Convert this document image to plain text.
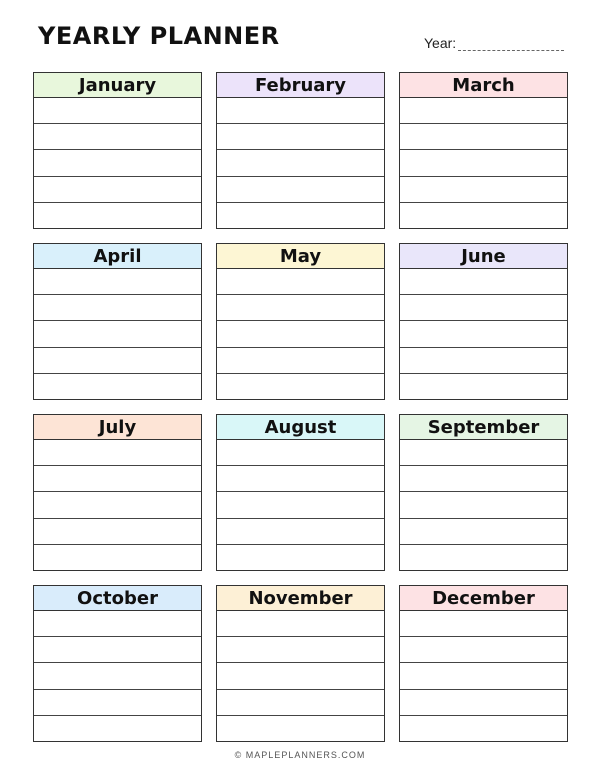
YEARLY PLANNER	Year:
January	February	March
April	May	June
July	August	September
October	November	December
© MAPLEPLANNERS.COM
